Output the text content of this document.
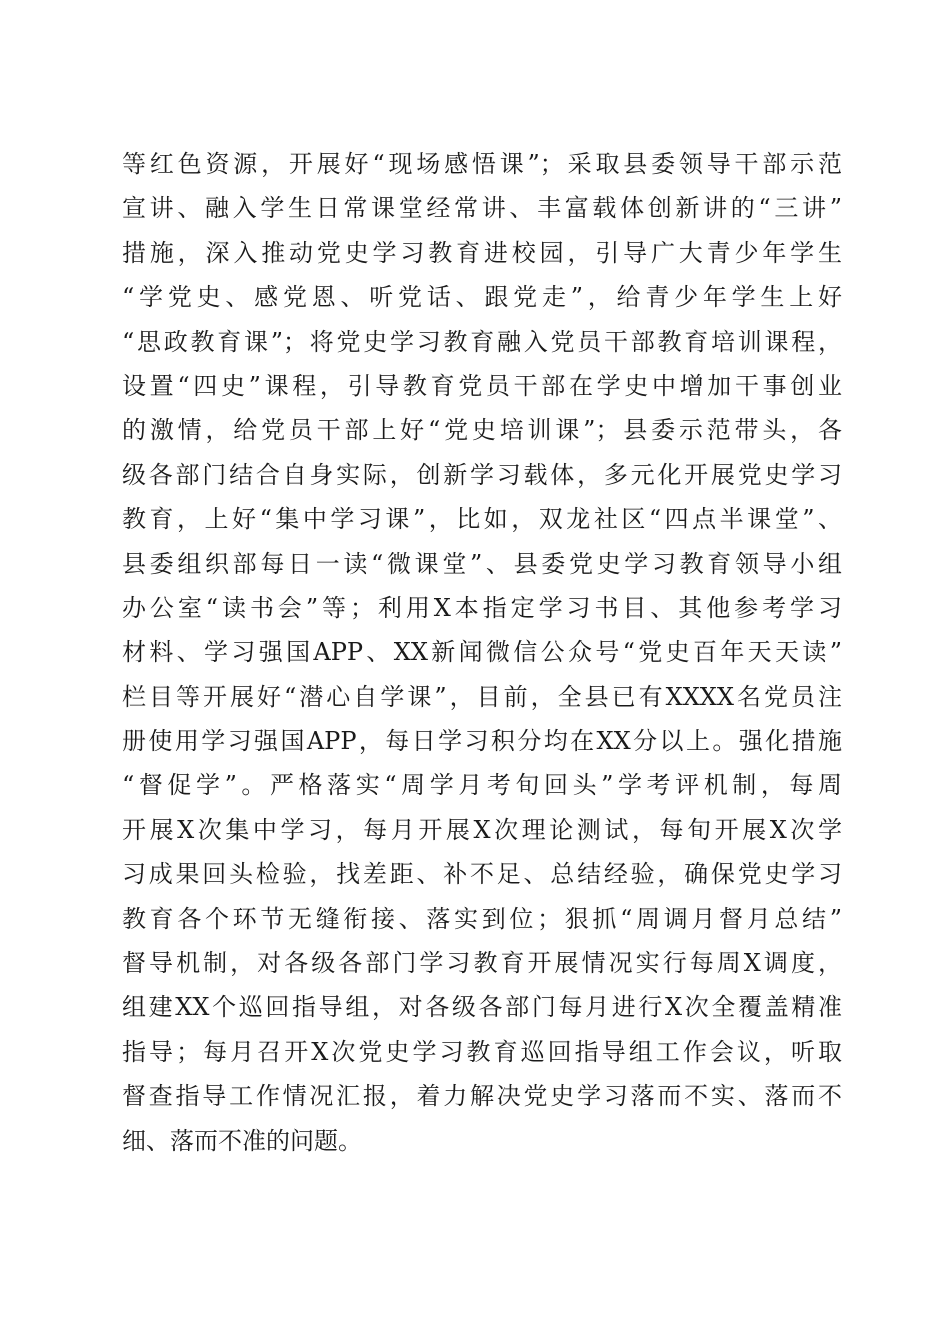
等红色资源，开展好“现场感悟课”；采取县委领导干部示范
宣讲、融入学生日常课堂经常讲、丰富载体创新讲的“三讲”
措施，深入推动党史学习教育进校园，引导广大青少年学生
“学党史、感党恩、听党话、跟党走”，给青少年学生上好
“思政教育课”；将党史学习教育融入党员干部教育培训课程，
设置“四史”课程，引导教育党员干部在学史中增加干事创业
的激情，给党员干部上好“党史培训课”；县委示范带头，各
级各部门结合自身实际，创新学习载体，多元化开展党史学习
教育，上好“集中学习课”，比如，双龙社区“四点半课堂”、
县委组织部每日一读“微课堂”、县委党史学习教育领导小组
办公室“读书会”等；利用X本指定学习书目、其他参考学习
材料、学习强国APP、XX新闻微信公众号“党史百年天天读”
栏目等开展好“潜心自学课”，目前，全县已有XXXX名党员注
册使用学习强国APP，每日学习积分均在XX分以上。强化措施
“督促学”。严格落实“周学月考旬回头”学考评机制，每周
开展X次集中学习，每月开展X次理论测试，每旬开展X次学
习成果回头检验，找差距、补不足、总结经验，确保党史学习
教育各个环节无缝衔接、落实到位；狠抓“周调月督月总结”
督导机制，对各级各部门学习教育开展情况实行每周X调度，
组建XX个巡回指导组，对各级各部门每月进行X次全覆盖精准
指导；每月召开X次党史学习教育巡回指导组工作会议，听取
督查指导工作情况汇报，着力解决党史学习落而不实、落而不
细、落而不准的问题。
